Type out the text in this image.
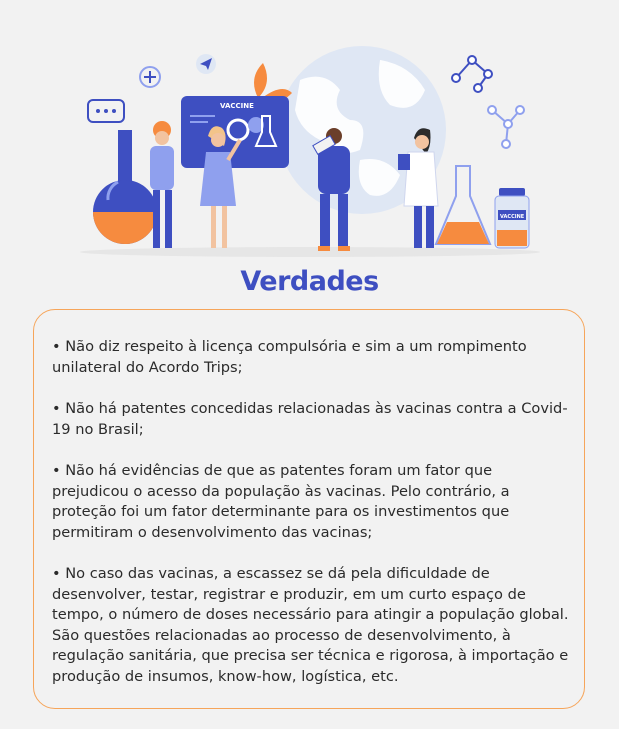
VACCINE
VACCINE
Verdades

• Não diz respeito à licença compulsória e sim a um rompimento unilateral do Acordo Trips;

• Não há patentes concedidas relacionadas às vacinas contra a Covid-19 no Brasil;

• Não há evidências de que as patentes foram um fator que prejudicou o acesso da população às vacinas. Pelo contrário, a proteção foi um fator determinante para os investimentos que permitiram o desenvolvimento das vacinas;

• No caso das vacinas, a escassez se dá pela dificuldade de desenvolver, testar, registrar e produzir, em um curto espaço de tempo, o número de doses necessário para atingir a população global. São questões relacionadas ao processo de desenvolvimento, à regulação sanitária, que precisa ser técnica e rigorosa, à importação e produção de insumos, know-how, logística, etc.
